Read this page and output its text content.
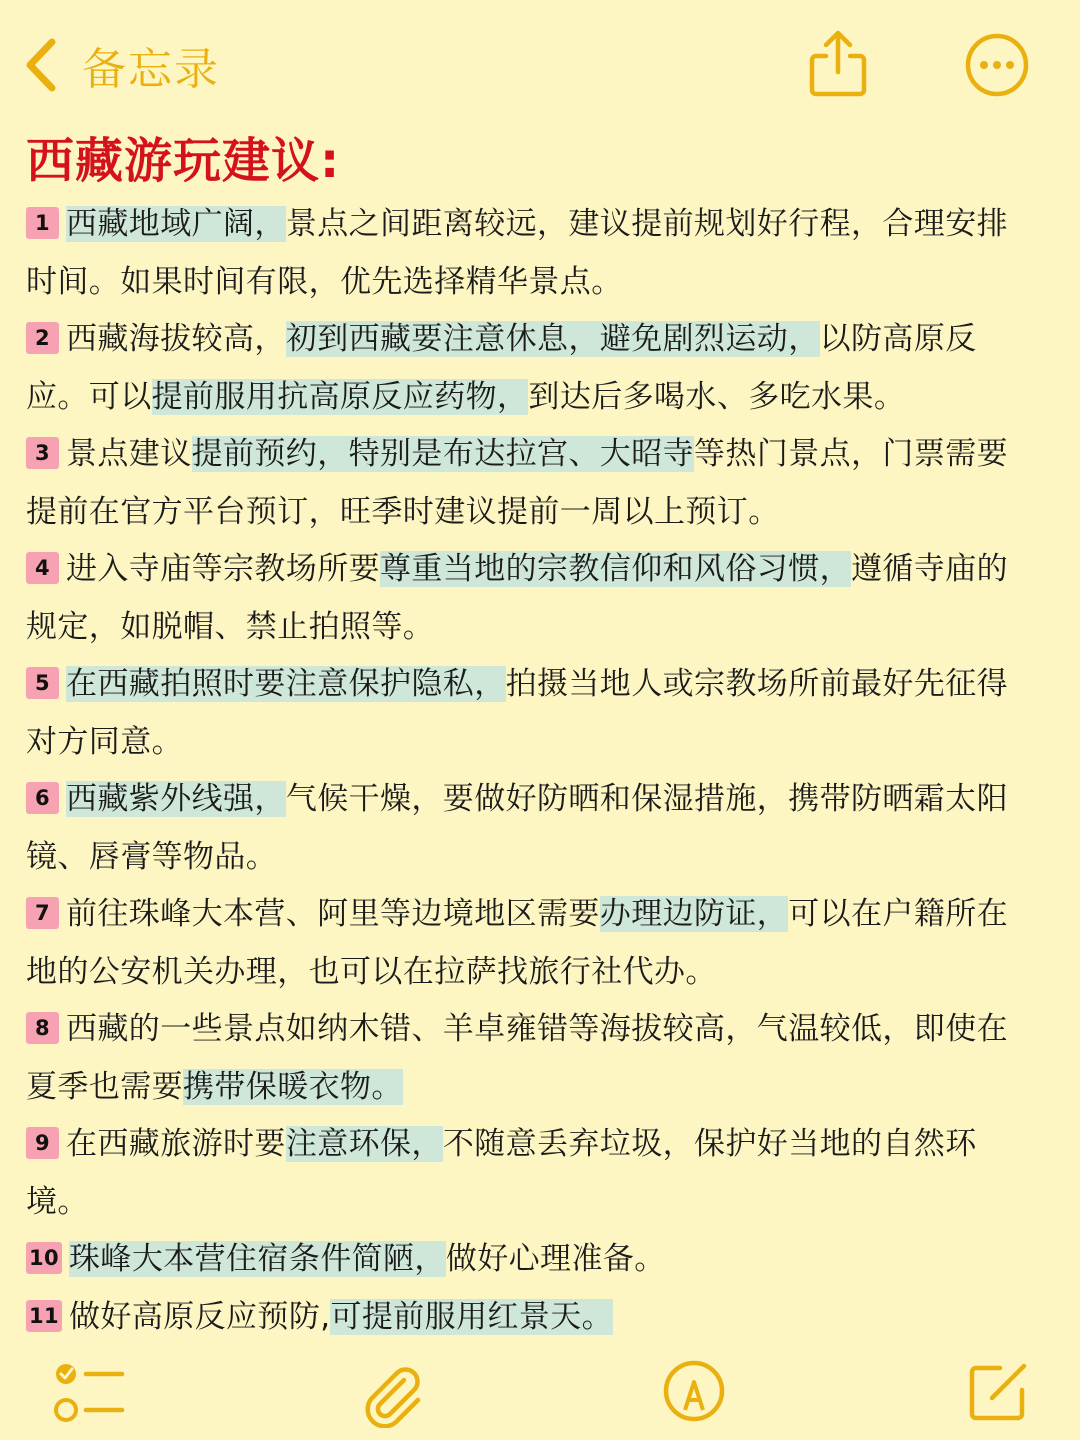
备忘录
西藏游玩建议:

1 西藏地域广阔，景点之间距离较远，建议提前规划好行程，合理安排时间。如果时间有限，优先选择精华景点。

2 西藏海拔较高，初到西藏要注意休息，避免剧烈运动，以防高原反应。可以提前服用抗高原反应药物，到达后多喝水、多吃水果。

3 景点建议提前预约，特别是布达拉宫、大昭寺等热门景点，门票需要提前在官方平台预订，旺季时建议提前一周以上预订。

4 进入寺庙等宗教场所要尊重当地的宗教信仰和风俗习惯，遵循寺庙的规定，如脱帽、禁止拍照等。

5 在西藏拍照时要注意保护隐私，拍摄当地人或宗教场所前最好先征得对方同意。

6 西藏紫外线强，气候干燥，要做好防晒和保湿措施，携带防晒霜太阳镜、唇膏等物品。

7 前往珠峰大本营、阿里等边境地区需要办理边防证，可以在户籍所在地的公安机关办理，也可以在拉萨找旅行社代办。

8 西藏的一些景点如纳木错、羊卓雍错等海拔较高，气温较低，即使在夏季也需要携带保暖衣物。

9 在西藏旅游时要注意环保，不随意丢弃垃圾，保护好当地的自然环境。

10 珠峰大本营住宿条件简陋，做好心理准备。

11 做好高原反应预防,可提前服用红景天。
